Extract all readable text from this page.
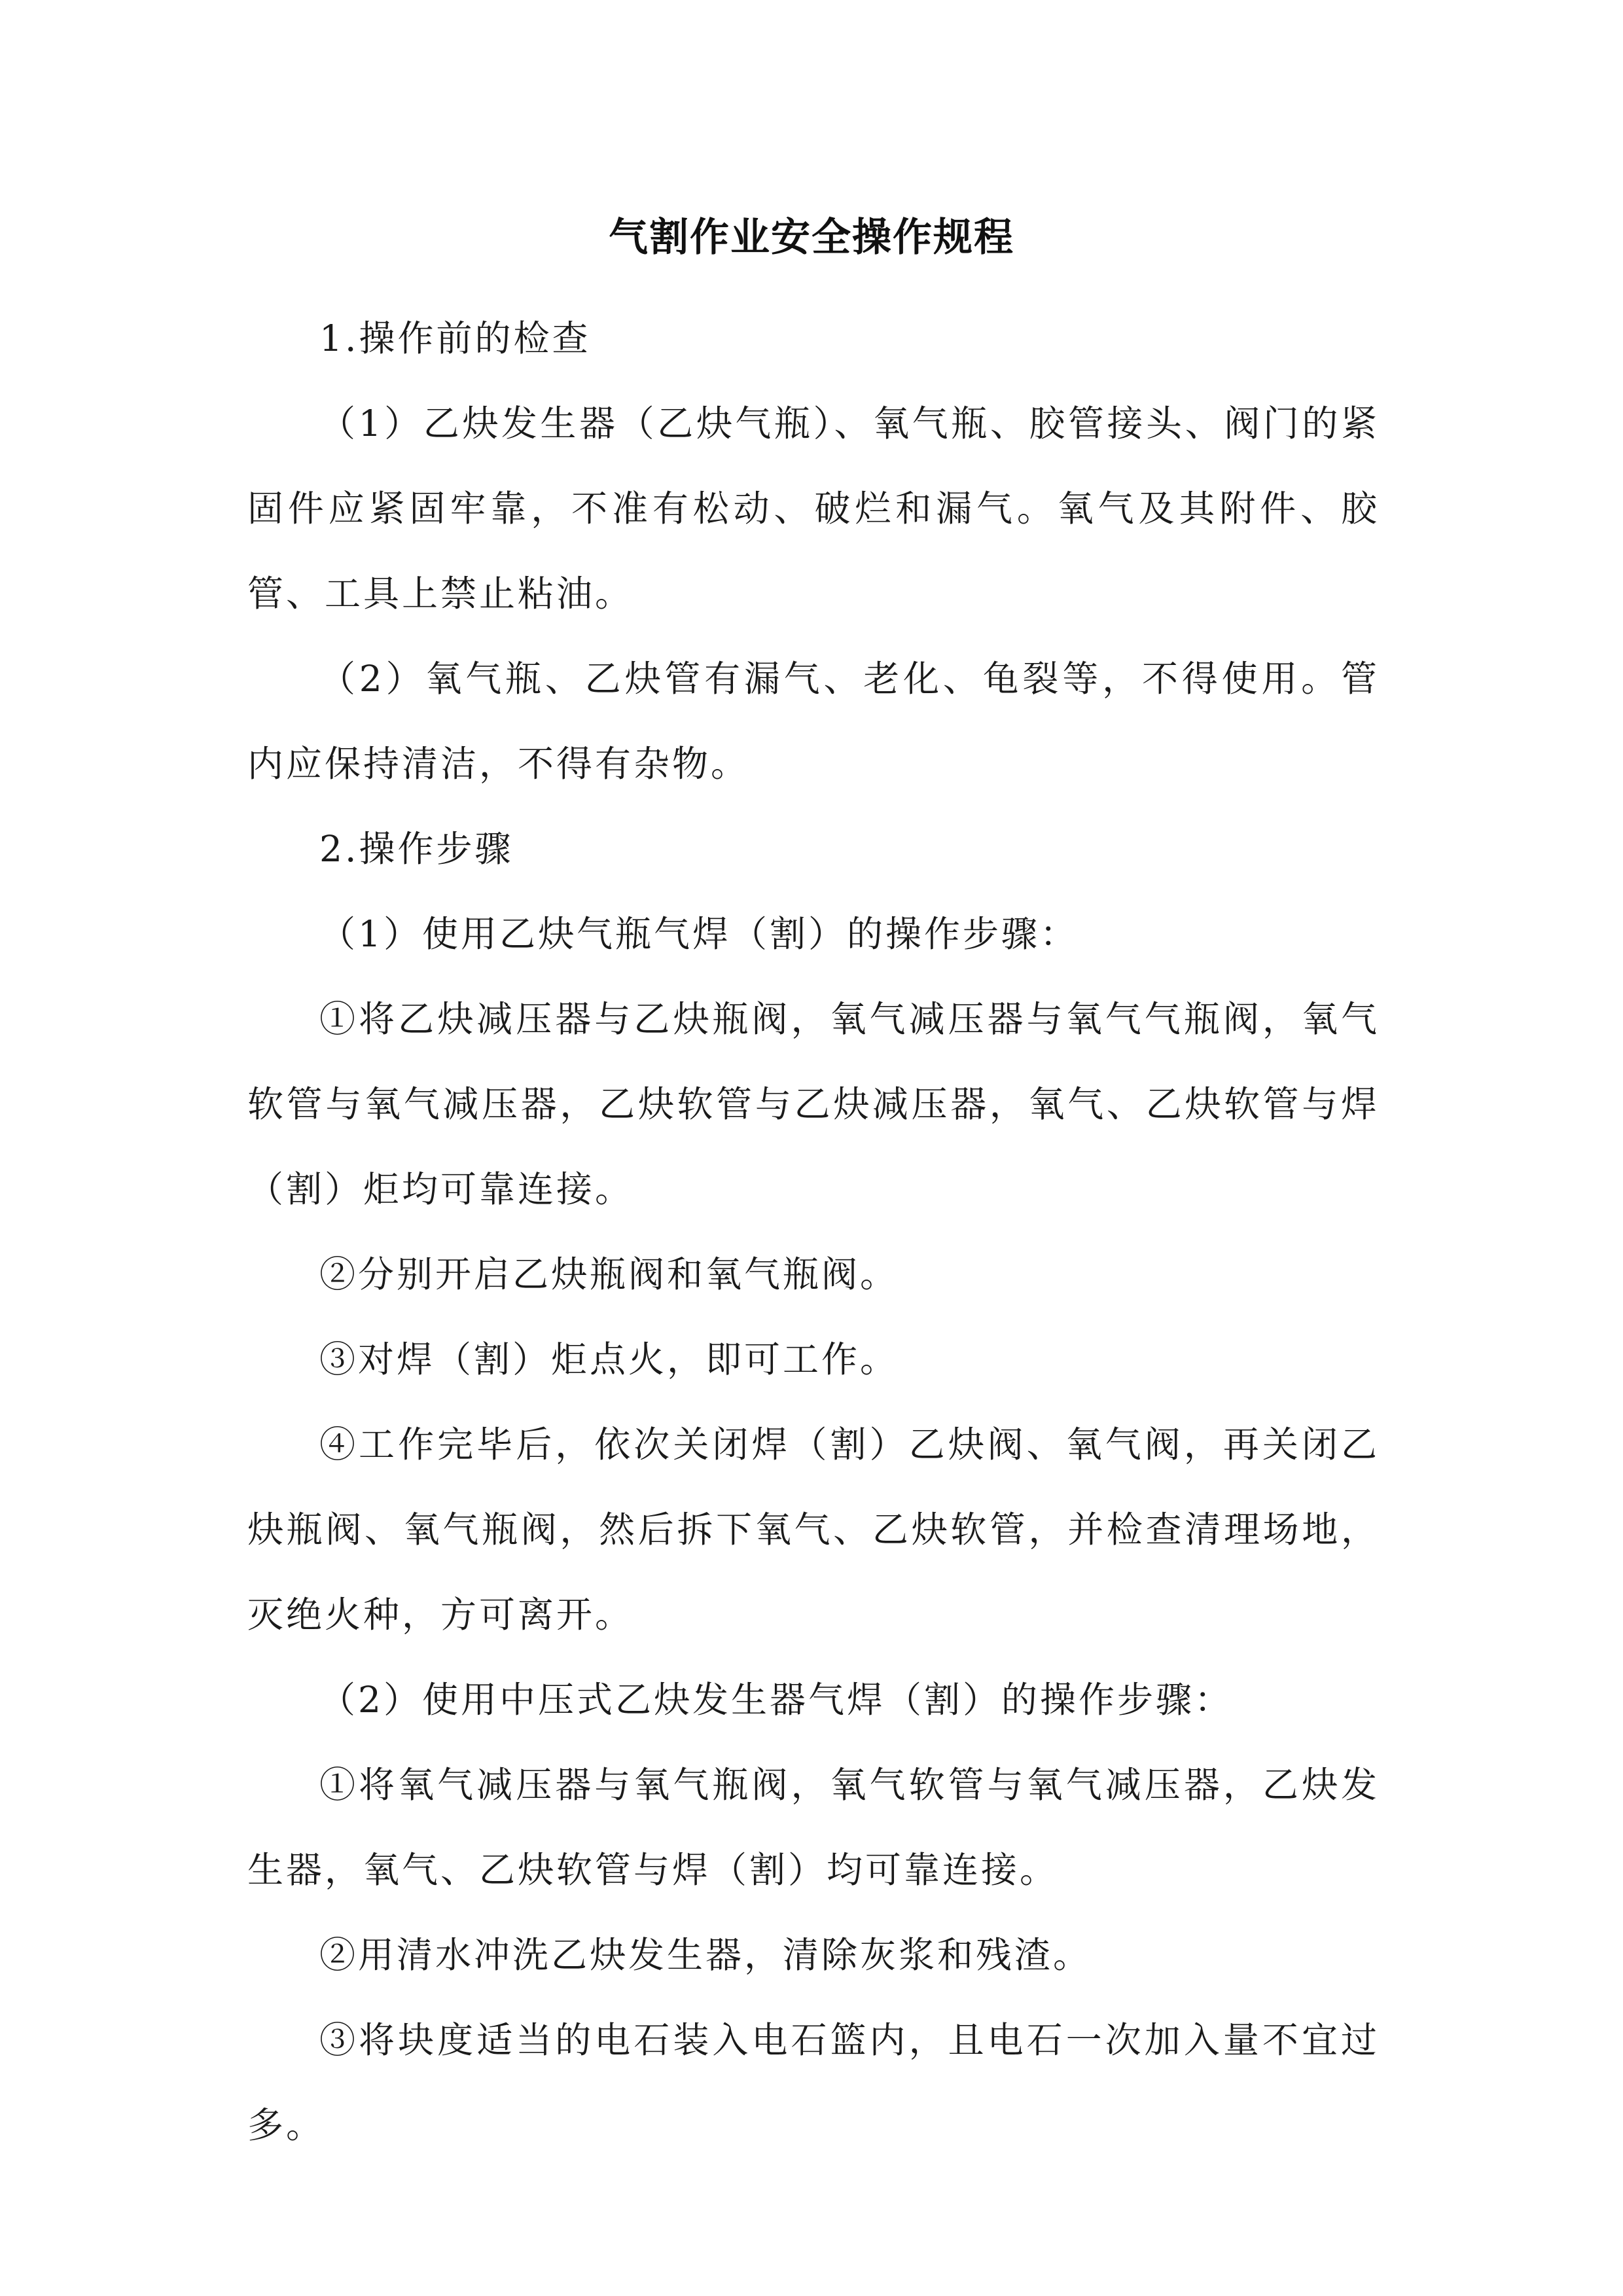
气割作业安全操作规程

1.操作前的检查

（1）乙炔发生器（乙炔气瓶）、氧气瓶、胶管接头、阀门的紧固件应紧固牢靠，不准有松动、破烂和漏气。氧气及其附件、胶管、工具上禁止粘油。

（2）氧气瓶、乙炔管有漏气、老化、龟裂等，不得使用。管内应保持清洁，不得有杂物。

2.操作步骤

（1）使用乙炔气瓶气焊（割）的操作步骤：

①将乙炔减压器与乙炔瓶阀，氧气减压器与氧气气瓶阀，氧气软管与氧气减压器，乙炔软管与乙炔减压器，氧气、乙炔软管与焊（割）炬均可靠连接。

②分别开启乙炔瓶阀和氧气瓶阀。

③对焊（割）炬点火，即可工作。

④工作完毕后，依次关闭焊（割）乙炔阀、氧气阀，再关闭乙炔瓶阀、氧气瓶阀，然后拆下氧气、乙炔软管，并检查清理场地，灭绝火种，方可离开。

（2）使用中压式乙炔发生器气焊（割）的操作步骤：

①将氧气减压器与氧气瓶阀，氧气软管与氧气减压器，乙炔发生器，氧气、乙炔软管与焊（割）均可靠连接。

②用清水冲洗乙炔发生器，清除灰浆和残渣。

③将块度适当的电石装入电石篮内，且电石一次加入量不宜过多。
